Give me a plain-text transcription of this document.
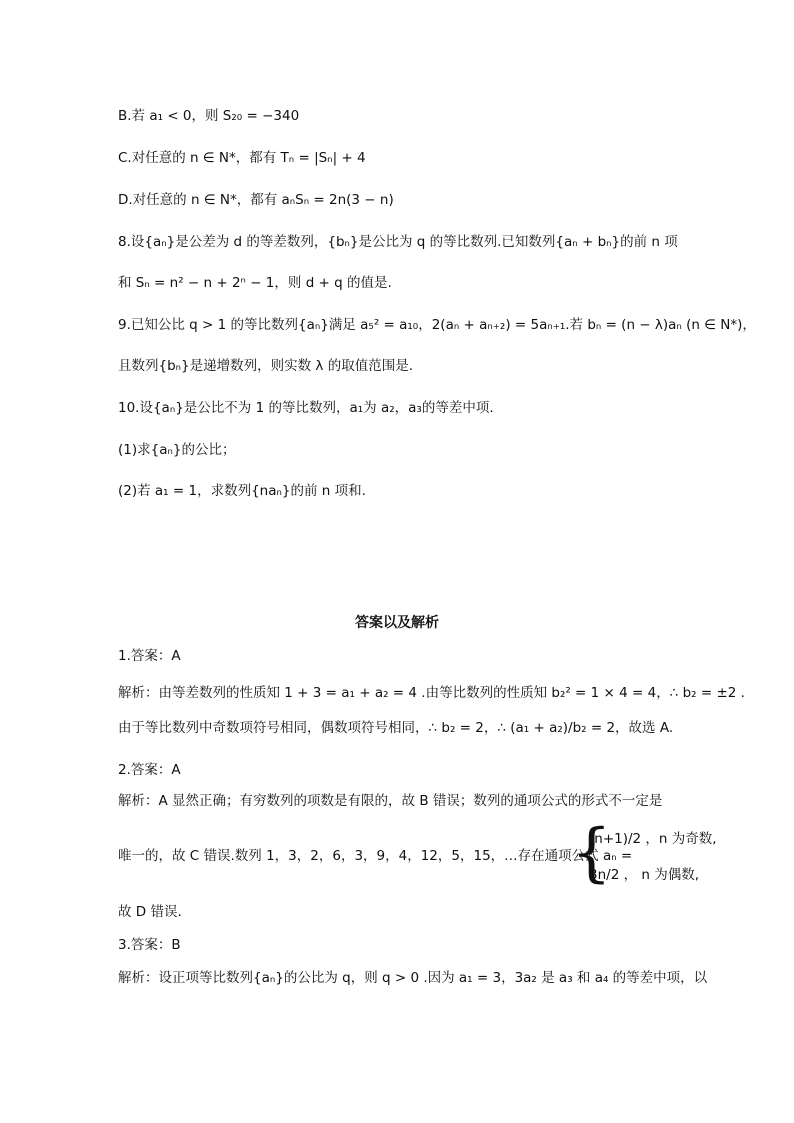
B.若 a₁ < 0，则 S₂₀ = −340
C.对任意的 n ∈ N*，都有 Tₙ = |Sₙ| + 4
D.对任意的 n ∈ N*，都有 aₙSₙ = 2n(3 − n)
8.设{aₙ}是公差为 d 的等差数列，{bₙ}是公比为 q 的等比数列.已知数列{aₙ + bₙ}的前 n 项
和 Sₙ = n² − n + 2ⁿ − 1，则 d + q 的值是.
9.已知公比 q > 1 的等比数列{aₙ}满足 a₅² = a₁₀，2(aₙ + aₙ₊₂) = 5aₙ₊₁.若 bₙ = (n − λ)aₙ (n ∈ N*)，
且数列{bₙ}是递增数列，则实数 λ 的取值范围是.
10.设{aₙ}是公比不为 1 的等比数列，a₁为 a₂，a₃的等差中项.
(1)求{aₙ}的公比；
(2)若 a₁ = 1，求数列{naₙ}的前 n 项和.
答案以及解析
1.答案：A
解析：由等差数列的性质知 1 + 3 = a₁ + a₂ = 4 .由等比数列的性质知 b₂² = 1 × 4 = 4，∴ b₂ = ±2 .
由于等比数列中奇数项符号相同，偶数项符号相同，∴ b₂ = 2，∴ (a₁ + a₂)/b₂ = 2，故选 A.
2.答案：A
解析：A 显然正确；有穷数列的项数是有限的，故 B 错误；数列的通项公式的形式不一定是
唯一的，故 C 错误.数列 1，3，2，6，3，9，4，12，5，15，…存在通项公式 aₙ =
{
(n+1)/2 ，n 为奇数,
3n/2 ， n 为偶数,
故 D 错误.
3.答案：B
解析：设正项等比数列{aₙ}的公比为 q，则 q > 0 .因为 a₁ = 3，3a₂ 是 a₃ 和 a₄ 的等差中项，以
